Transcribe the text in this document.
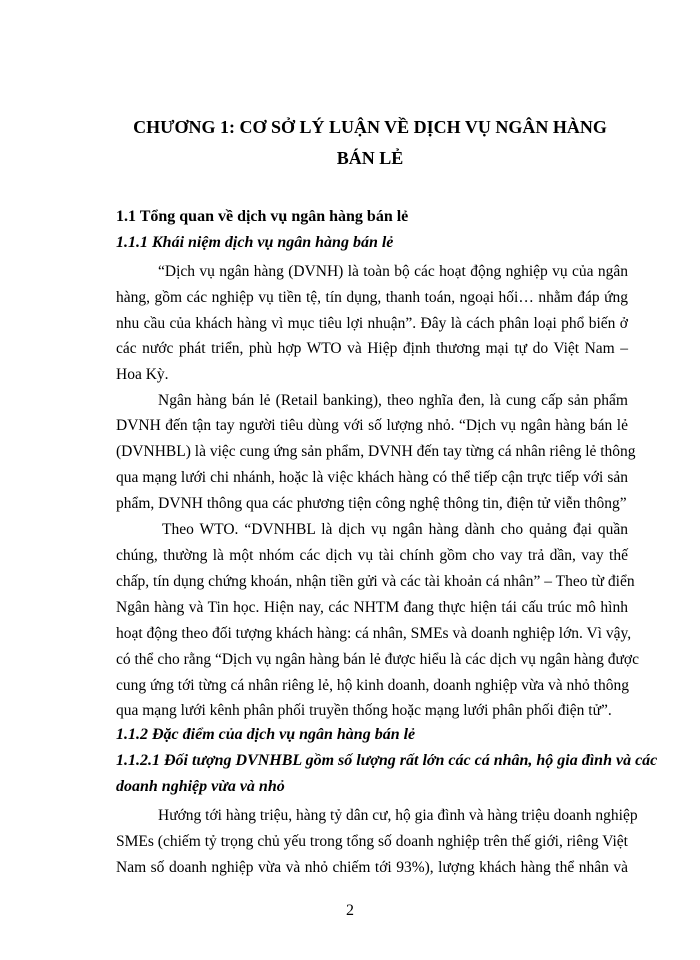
CHƯƠNG 1: CƠ SỞ LÝ LUẬN VỀ DỊCH VỤ NGÂN HÀNG
BÁN LẺ
1.1 Tổng quan về dịch vụ ngân hàng bán lẻ
1.1.1 Khái niệm dịch vụ ngân hàng bán lẻ

“Dịch vụ ngân hàng (DVNH) là toàn bộ các hoạt động nghiệp vụ của ngân

hàng, gồm các nghiệp vụ tiền tệ, tín dụng, thanh toán, ngoại hối… nhằm đáp ứng

nhu cầu của khách hàng vì mục tiêu lợi nhuận”. Đây là cách phân loại phổ biến ở

các nước phát triển, phù hợp WTO và Hiệp định thương mại tự do Việt Nam –

Hoa Kỳ.

Ngân hàng bán lẻ (Retail banking), theo nghĩa đen, là cung cấp sản phẩm

DVNH đến tận tay người tiêu dùng với số lượng nhỏ. “Dịch vụ ngân hàng bán lẻ

(DVNHBL) là việc cung ứng sản phẩm, DVNH đến tay từng cá nhân riêng lẻ thông

qua mạng lưới chi nhánh, hoặc là việc khách hàng có thể tiếp cận trực tiếp với sản

phẩm, DVNH thông qua các phương tiện công nghệ thông tin, điện tử viễn thông”

Theo WTO. “DVNHBL là dịch vụ ngân hàng dành cho quảng đại quần

chúng, thường là một nhóm các dịch vụ tài chính gồm cho vay trả dần, vay thế

chấp, tín dụng chứng khoán, nhận tiền gửi và các tài khoản cá nhân” – Theo từ điển

Ngân hàng và Tin học. Hiện nay, các NHTM đang thực hiện tái cấu trúc mô hình

hoạt động theo đối tượng khách hàng: cá nhân, SMEs và doanh nghiệp lớn. Vì vậy,

có thể cho rằng “Dịch vụ ngân hàng bán lẻ được hiểu là các dịch vụ ngân hàng được

cung ứng tới từng cá nhân riêng lẻ, hộ kinh doanh, doanh nghiệp vừa và nhỏ thông

qua mạng lưới kênh phân phối truyền thống hoặc mạng lưới phân phối điện tử”.

1.1.2 Đặc điểm của dịch vụ ngân hàng bán lẻ
1.1.2.1 Đối tượng DVNHBL gồm số lượng rất lớn các cá nhân, hộ gia đình và các
doanh nghiệp vừa và nhỏ

Hướng tới hàng triệu, hàng tỷ dân cư, hộ gia đình và hàng triệu doanh nghiệp

SMEs (chiếm tỷ trọng chủ yếu trong tổng số doanh nghiệp trên thế giới, riêng Việt

Nam số doanh nghiệp vừa và nhỏ chiếm tới 93%), lượng khách hàng thể nhân và

2
